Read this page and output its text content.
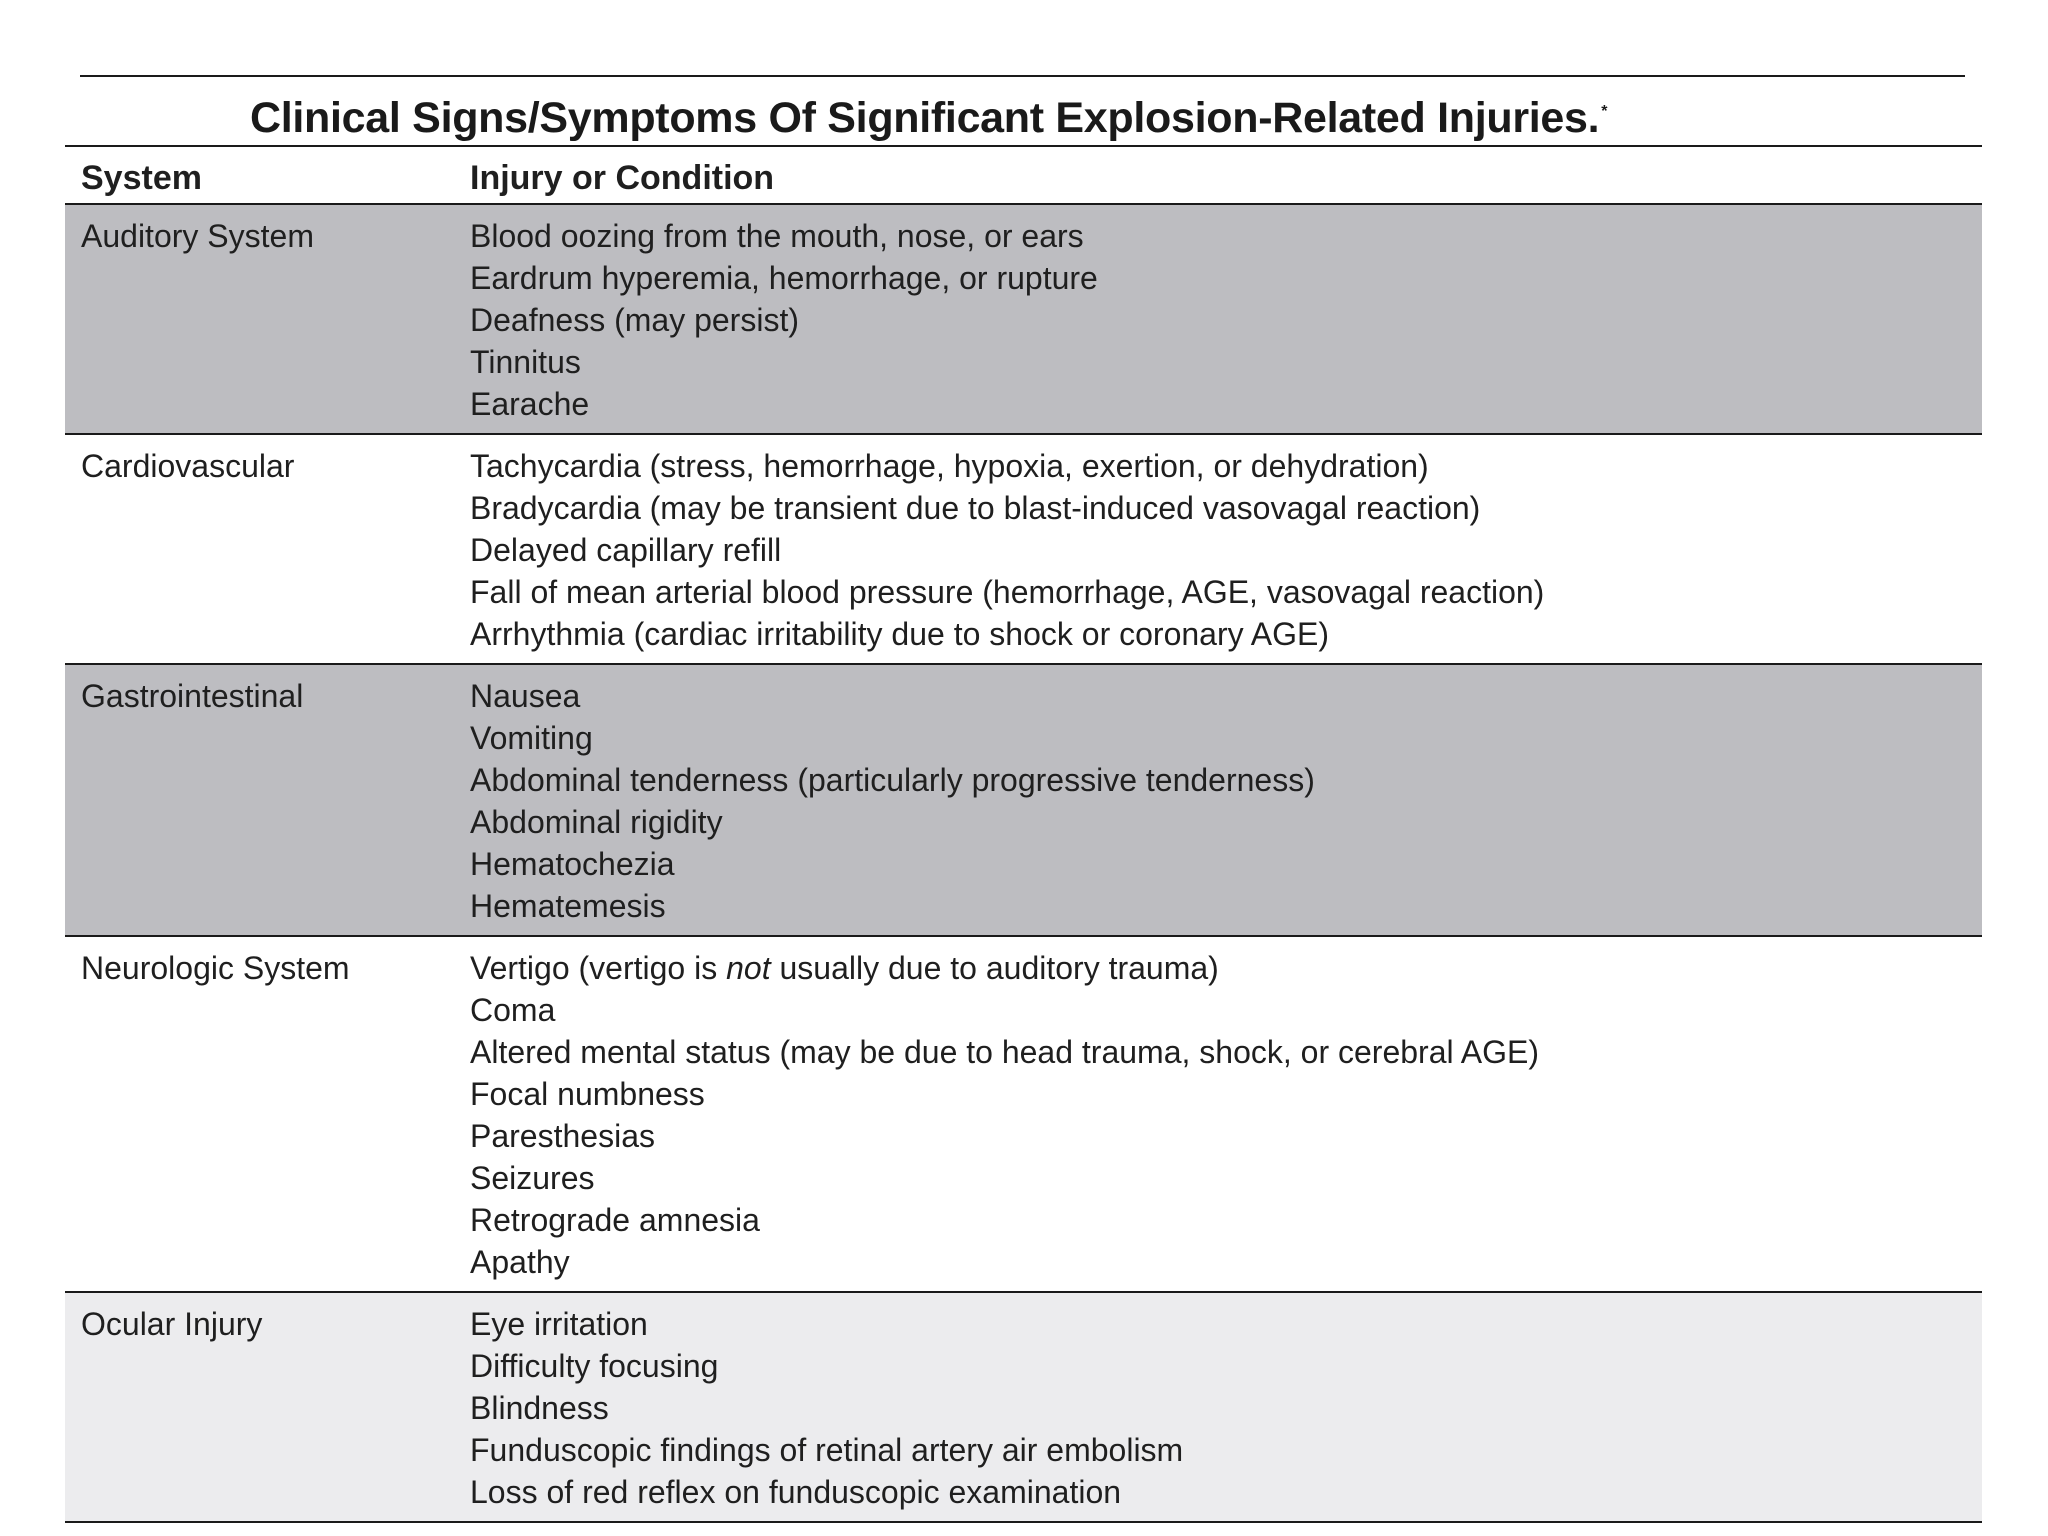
Clinical Signs/Symptoms Of Significant Explosion-Related Injuries. *
System	Injury or Condition
Auditory System	Blood oozing from the mouth, nose, or ears
Eardrum hyperemia, hemorrhage, or rupture
Deafness (may persist)
Tinnitus
Earache
Cardiovascular	Tachycardia (stress, hemorrhage, hypoxia, exertion, or dehydration)
Bradycardia (may be transient due to blast-induced vasovagal reaction)
Delayed capillary refill
Fall of mean arterial blood pressure (hemorrhage, AGE, vasovagal reaction)
Arrhythmia (cardiac irritability due to shock or coronary AGE)
Gastrointestinal	Nausea
Vomiting
Abdominal tenderness (particularly progressive tenderness)
Abdominal rigidity
Hematochezia
Hematemesis
Neurologic System	Vertigo (vertigo is not usually due to auditory trauma)
Coma
Altered mental status (may be due to head trauma, shock, or cerebral AGE)
Focal numbness
Paresthesias
Seizures
Retrograde amnesia
Apathy
Ocular Injury	Eye irritation
Difficulty focusing
Blindness
Funduscopic findings of retinal artery air embolism
Loss of red reflex on funduscopic examination
